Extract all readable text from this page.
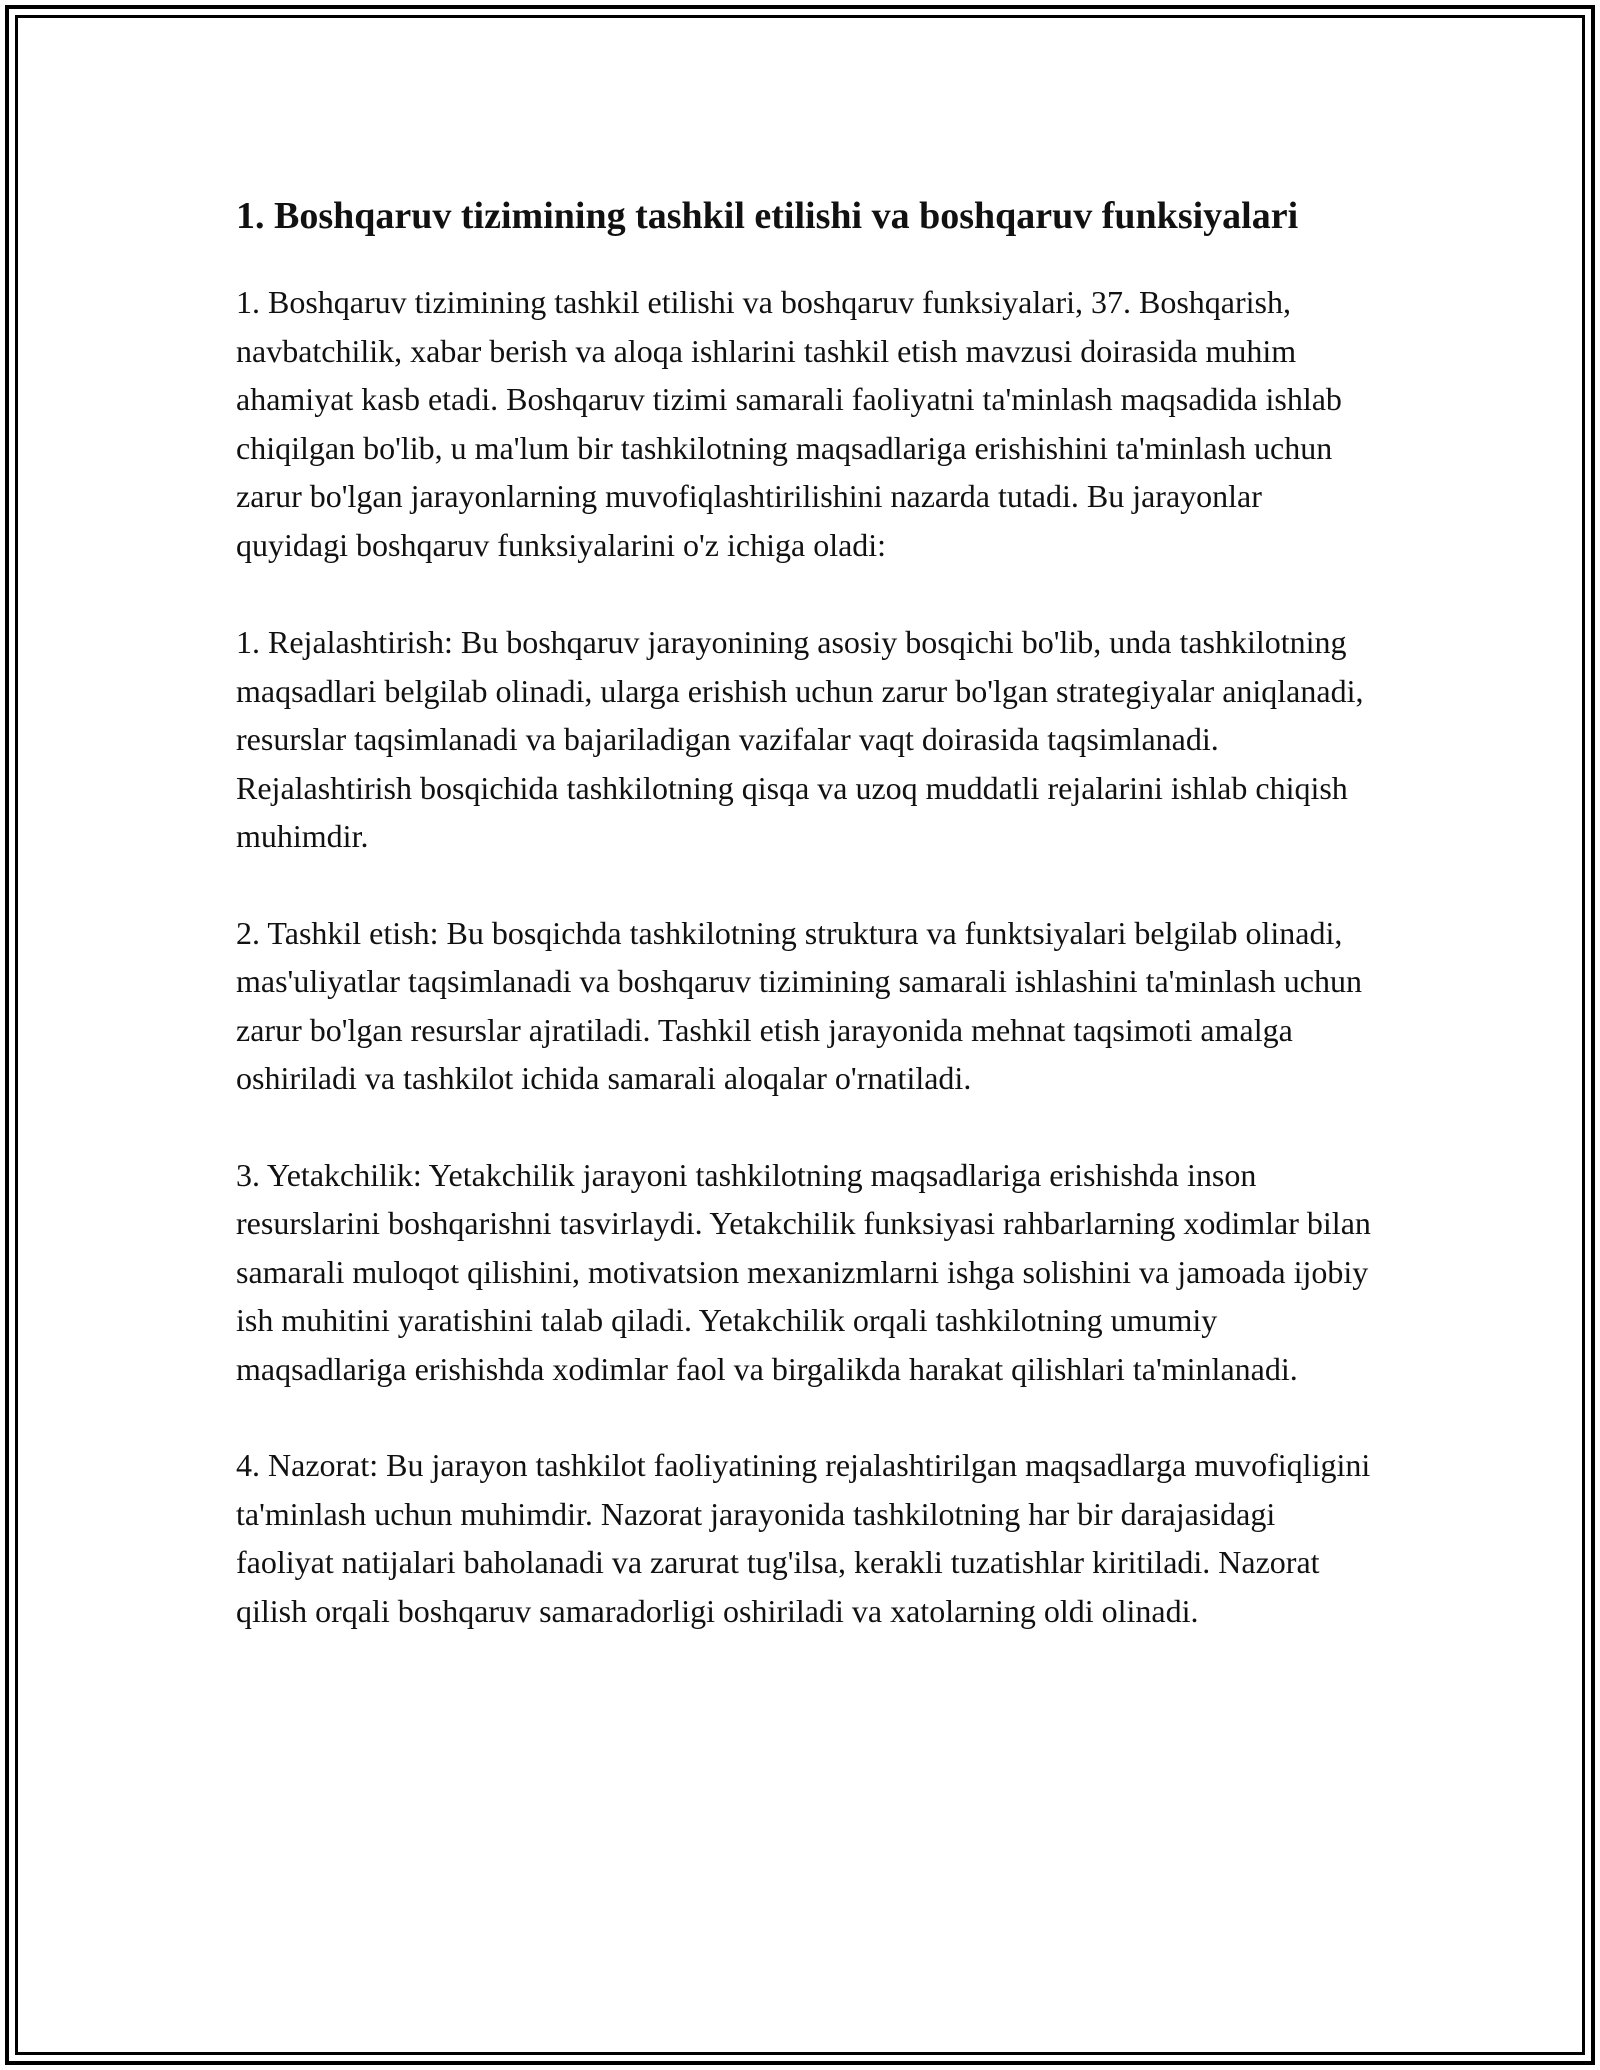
1. Boshqaruv tizimining tashkil etilishi va boshqaruv funksiyalari

1. Boshqaruv tizimining tashkil etilishi va boshqaruv funksiyalari, 37. Boshqarish, navbatchilik, xabar berish va aloqa ishlarini tashkil etish mavzusi doirasida muhim ahamiyat kasb etadi. Boshqaruv tizimi samarali faoliyatni ta'minlash maqsadida ishlab chiqilgan bo'lib, u ma'lum bir tashkilotning maqsadlariga erishishini ta'minlash uchun zarur bo'lgan jarayonlarning muvofiqlashtirilishini nazarda tutadi. Bu jarayonlar quyidagi boshqaruv funksiyalarini o'z ichiga oladi:

1. Rejalashtirish: Bu boshqaruv jarayonining asosiy bosqichi bo'lib, unda tashkilotning maqsadlari belgilab olinadi, ularga erishish uchun zarur bo'lgan strategiyalar aniqlanadi, resurslar taqsimlanadi va bajariladigan vazifalar vaqt doirasida taqsimlanadi. Rejalashtirish bosqichida tashkilotning qisqa va uzoq muddatli rejalarini ishlab chiqish muhimdir.

2. Tashkil etish: Bu bosqichda tashkilotning struktura va funktsiyalari belgilab olinadi, mas'uliyatlar taqsimlanadi va boshqaruv tizimining samarali ishlashini ta'minlash uchun zarur bo'lgan resurslar ajratiladi. Tashkil etish jarayonida mehnat taqsimoti amalga oshiriladi va tashkilot ichida samarali aloqalar o'rnatiladi.

3. Yetakchilik: Yetakchilik jarayoni tashkilotning maqsadlariga erishishda inson resurslarini boshqarishni tasvirlaydi. Yetakchilik funksiyasi rahbarlarning xodimlar bilan samarali muloqot qilishini, motivatsion mexanizmlarni ishga solishini va jamoada ijobiy ish muhitini yaratishini talab qiladi. Yetakchilik orqali tashkilotning umumiy maqsadlariga erishishda xodimlar faol va birgalikda harakat qilishlari ta'minlanadi.

4. Nazorat: Bu jarayon tashkilot faoliyatining rejalashtirilgan maqsadlarga muvofiqligini ta'minlash uchun muhimdir. Nazorat jarayonida tashkilotning har bir darajasidagi faoliyat natijalari baholanadi va zarurat tug'ilsa, kerakli tuzatishlar kiritiladi. Nazorat qilish orqali boshqaruv samaradorligi oshiriladi va xatolarning oldi olinadi.
